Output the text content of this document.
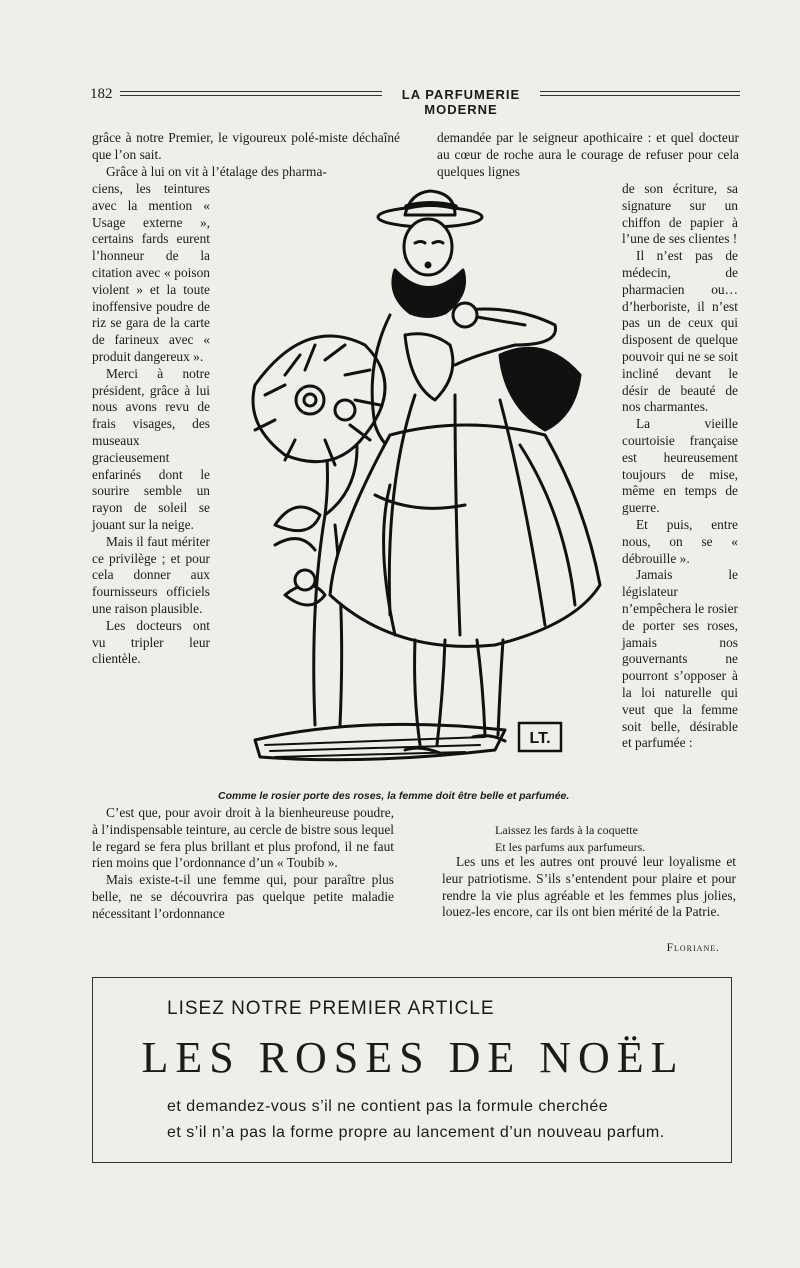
182	LA PARFUMERIE MODERNE

grâce à notre Premier, le vigoureux polé-miste déchaîné que l’on sait.

Grâce à lui on vit à l’étalage des pharma-

ciens, les teintures avec la mention « Usage externe », certains fards eurent l’honneur de la citation avec « poison violent » et la toute inoffensive poudre de riz se gara de la carte de farineux avec « produit dangereux ».

Merci à notre président, grâce à lui nous avons revu de frais visages, des museaux gracieusement enfarinés dont le sourire semble un rayon de soleil se jouant sur la neige.

Mais il faut mériter ce privilège ; et pour cela donner aux fournisseurs officiels une raison plausible.

Les docteurs ont vu tripler leur clientèle.

C’est que, pour avoir droit à la bienheureuse poudre, à l’indispensable teinture, au cercle de bistre sous lequel le regard se fera plus brillant et plus profond, il ne faut rien moins que l’ordonnance d’un « Toubib ».

Mais existe-t-il une femme qui, pour paraître plus belle, ne se découvrira pas quelque petite maladie nécessitant l’ordonnance

demandée par le seigneur apothicaire : et quel docteur au cœur de roche aura le courage de refuser pour cela quelques lignes

de son écriture, sa signature sur un chiffon de papier à l’une de ses clientes !

Il n’est pas de médecin, de pharmacien ou… d’herboriste, il n’est pas un de ceux qui disposent de quelque pouvoir qui ne se soit incliné devant le désir de beauté de nos charmantes.

La vieille courtoisie française est heureusement toujours de mise, même en temps de guerre.

Et puis, entre nous, on se « débrouille ».

Jamais le législateur n’empêchera le rosier de porter ses roses, jamais nos gouvernants ne pourront s’opposer à la loi naturelle qui veut que la femme soit belle, désirable et parfumée :

Laissez les fards à la coquette
Et les parfums aux parfumeurs.

Les uns et les autres ont prouvé leur loyalisme et leur patriotisme. S’ils s’entendent pour plaire et pour rendre la vie plus agréable et les femmes plus jolies, louez-les encore, car ils ont bien mérité de la Patrie.

Floriane.
LT.
Comme le rosier porte des roses, la femme doit être belle et parfumée.
LISEZ NOTRE PREMIER ARTICLE
LES ROSES DE NOËL
et demandez-vous s’il ne contient pas la formule cherchée
et s’il n’a pas la forme propre au lancement d’un nouveau parfum.
